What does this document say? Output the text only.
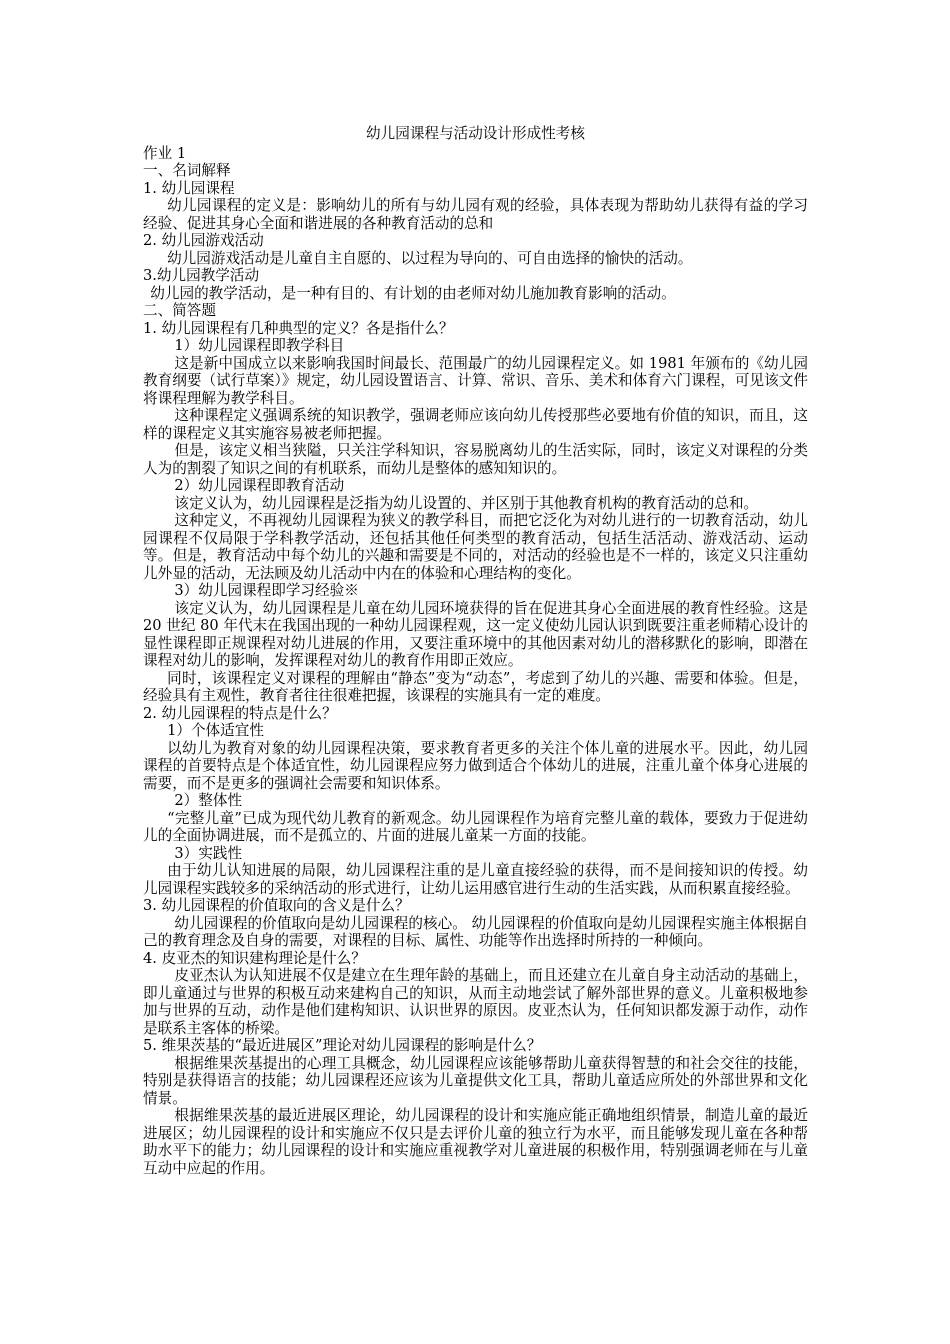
幼儿园课程与活动设计形成性考核

作业 1

一、名词解释

1. 幼儿园课程

幼儿园课程的定义是：影响幼儿的所有与幼儿园有观的经验，具体表现为帮助幼儿获得有益的学习经验、促进其身心全面和谐进展的各种教育活动的总和

2. 幼儿园游戏活动

幼儿园游戏活动是儿童自主自愿的、以过程为导向的、可自由选择的愉快的活动。

3.幼儿园教学活动

幼儿园的教学活动，是一种有目的、有计划的由老师对幼儿施加教育影响的活动。

二、简答题

1. 幼儿园课程有几种典型的定义？各是指什么？

1）幼儿园课程即教学科目

这是新中国成立以来影响我国时间最长、范围最广的幼儿园课程定义。如 1981 年颁布的《幼儿园教育纲要（试行草案）》规定，幼儿园设置语言、计算、常识、音乐、美术和体育六门课程，可见该文件将课程理解为教学科目。

这种课程定义强调系统的知识教学，强调老师应该向幼儿传授那些必要地有价值的知识，而且，这样的课程定义其实施容易被老师把握。

但是，该定义相当狭隘，只关注学科知识，容易脱离幼儿的生活实际，同时，该定义对课程的分类人为的割裂了知识之间的有机联系，而幼儿是整体的感知知识的。

2）幼儿园课程即教育活动

该定义认为，幼儿园课程是泛指为幼儿设置的、并区别于其他教育机构的教育活动的总和。

这种定义，不再视幼儿园课程为狭义的教学科目，而把它泛化为对幼儿进行的一切教育活动，幼儿园课程不仅局限于学科教学活动，还包括其他任何类型的教育活动，包括生活活动、游戏活动、运动等。但是，教育活动中每个幼儿的兴趣和需要是不同的，对活动的经验也是不一样的，该定义只注重幼儿外显的活动，无法顾及幼儿活动中内在的体验和心理结构的变化。

3）幼儿园课程即学习经验※

该定义认为，幼儿园课程是儿童在幼儿园环境获得的旨在促进其身心全面进展的教育性经验。这是 20 世纪 80 年代末在我国出现的一种幼儿园课程观，这一定义使幼儿园认识到既要注重老师精心设计的显性课程即正规课程对幼儿进展的作用，又要注重环境中的其他因素对幼儿的潜移默化的影响，即潜在课程对幼儿的影响，发挥课程对幼儿的教育作用即正效应。

同时，该课程定义对课程的理解由“静态”变为“动态”，考虑到了幼儿的兴趣、需要和体验。但是，经验具有主观性，教育者往往很难把握，该课程的实施具有一定的难度。

2. 幼儿园课程的特点是什么？

1）个体适宜性

以幼儿为教育对象的幼儿园课程决策，要求教育者更多的关注个体儿童的进展水平。因此，幼儿园课程的首要特点是个体适宜性，幼儿园课程应努力做到适合个体幼儿的进展，注重儿童个体身心进展的需要，而不是更多的强调社会需要和知识体系。

2）整体性

“完整儿童”已成为现代幼儿教育的新观念。幼儿园课程作为培育完整儿童的载体，要致力于促进幼儿的全面协调进展，而不是孤立的、片面的进展儿童某一方面的技能。

3）实践性

由于幼儿认知进展的局限，幼儿园课程注重的是儿童直接经验的获得，而不是间接知识的传授。幼儿园课程实践较多的采纳活动的形式进行，让幼儿运用感官进行生动的生活实践，从而积累直接经验。

3. 幼儿园课程的价值取向的含义是什么？

幼儿园课程的价值取向是幼儿园课程的核心。 幼儿园课程的价值取向是幼儿园课程实施主体根据自己的教育理念及自身的需要，对课程的目标、属性、功能等作出选择时所持的一种倾向。

4. 皮亚杰的知识建构理论是什么？

皮亚杰认为认知进展不仅是建立在生理年龄的基础上，而且还建立在儿童自身主动活动的基础上，即儿童通过与世界的积极互动来建构自己的知识，从而主动地尝试了解外部世界的意义。儿童积极地参加与世界的互动，动作是他们建构知识、认识世界的原因。皮亚杰认为，任何知识都发源于动作，动作是联系主客体的桥梁。

5. 维果茨基的“最近进展区”理论对幼儿园课程的影响是什么？

根据维果茨基提出的心理工具概念，幼儿园课程应该能够帮助儿童获得智慧的和社会交往的技能，特别是获得语言的技能；幼儿园课程还应该为儿童提供文化工具，帮助儿童适应所处的外部世界和文化情景。

根据维果茨基的最近进展区理论，幼儿园课程的设计和实施应能正确地组织情景，制造儿童的最近进展区；幼儿园课程的设计和实施应不仅只是去评价儿童的独立行为水平，而且能够发现儿童在各种帮助水平下的能力；幼儿园课程的设计和实施应重视教学对儿童进展的积极作用，特别强调老师在与儿童互动中应起的作用。
